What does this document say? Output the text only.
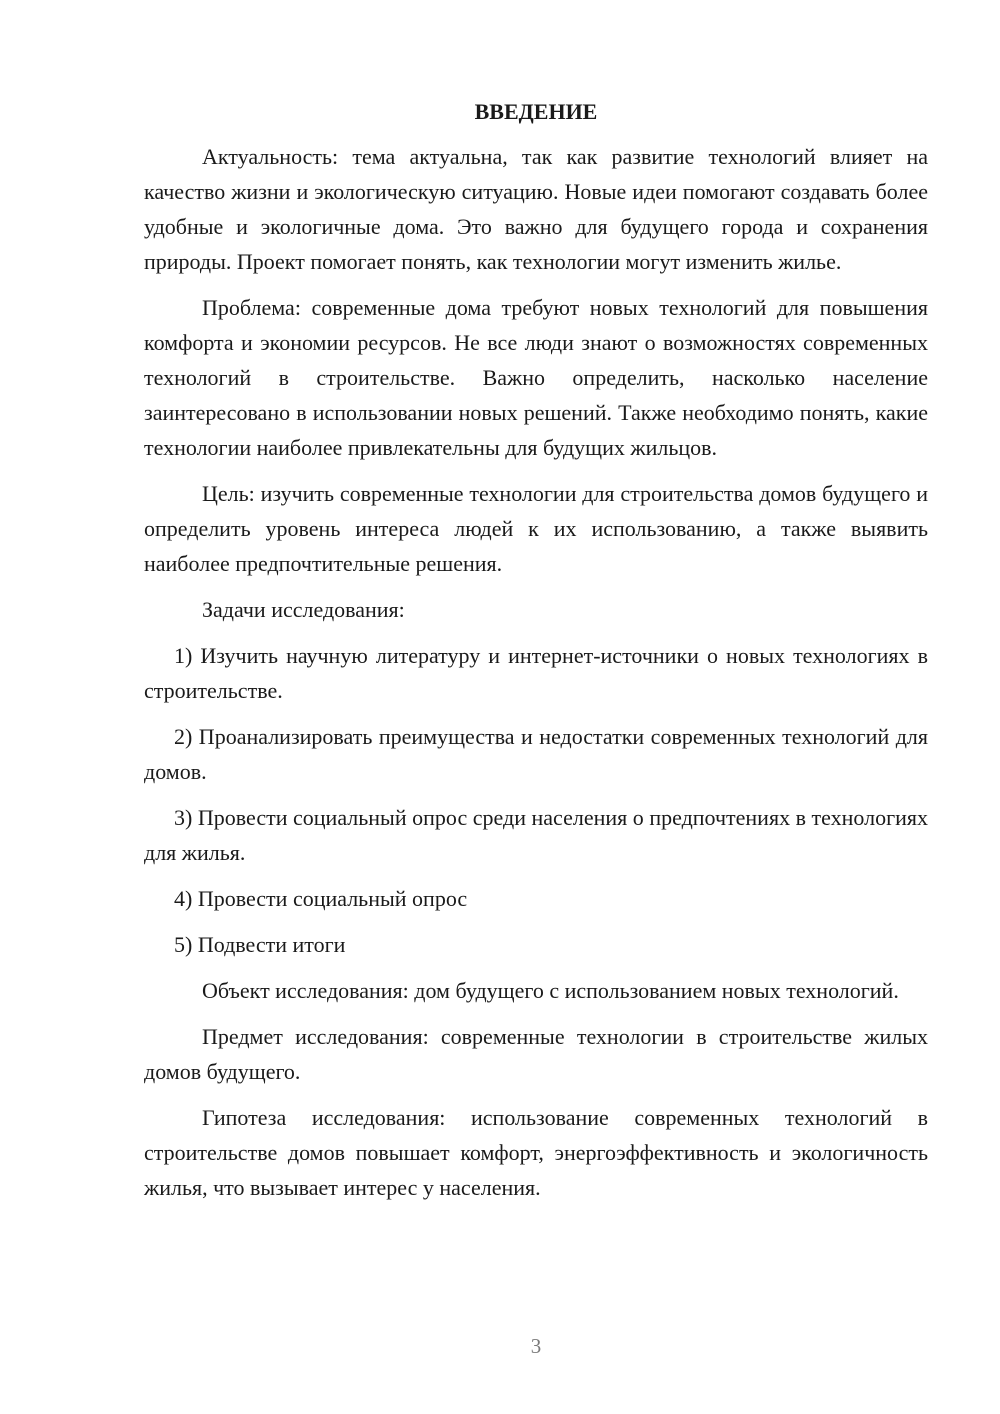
ВВЕДЕНИЕ

Актуальность: тема актуальна, так как развитие технологий влияет на качество жизни и экологическую ситуацию. Новые идеи помогают создавать более удобные и экологичные дома. Это важно для будущего города и сохранения природы. Проект помогает понять, как технологии могут изменить жилье.

Проблема: современные дома требуют новых технологий для повышения комфорта и экономии ресурсов. Не все люди знают о возможностях современных технологий в строительстве. Важно определить, насколько население заинтересовано в использовании новых решений. Также необходимо понять, какие технологии наиболее привлекательны для будущих жильцов.

Цель: изучить современные технологии для строительства домов будущего и определить уровень интереса людей к их использованию, а также выявить наиболее предпочтительные решения.

Задачи исследования:

1) Изучить научную литературу и интернет-источники о новых технологиях в строительстве.

2) Проанализировать преимущества и недостатки современных технологий для домов.

3) Провести социальный опрос среди населения о предпочтениях в технологиях для жилья.

4) Провести социальный опрос

5) Подвести итоги

Объект исследования: дом будущего с использованием новых технологий.

Предмет исследования: современные технологии в строительстве жилых домов будущего.

Гипотеза исследования: использование современных технологий в строительстве домов повышает комфорт, энергоэффективность и экологичность жилья, что вызывает интерес у населения.

3
